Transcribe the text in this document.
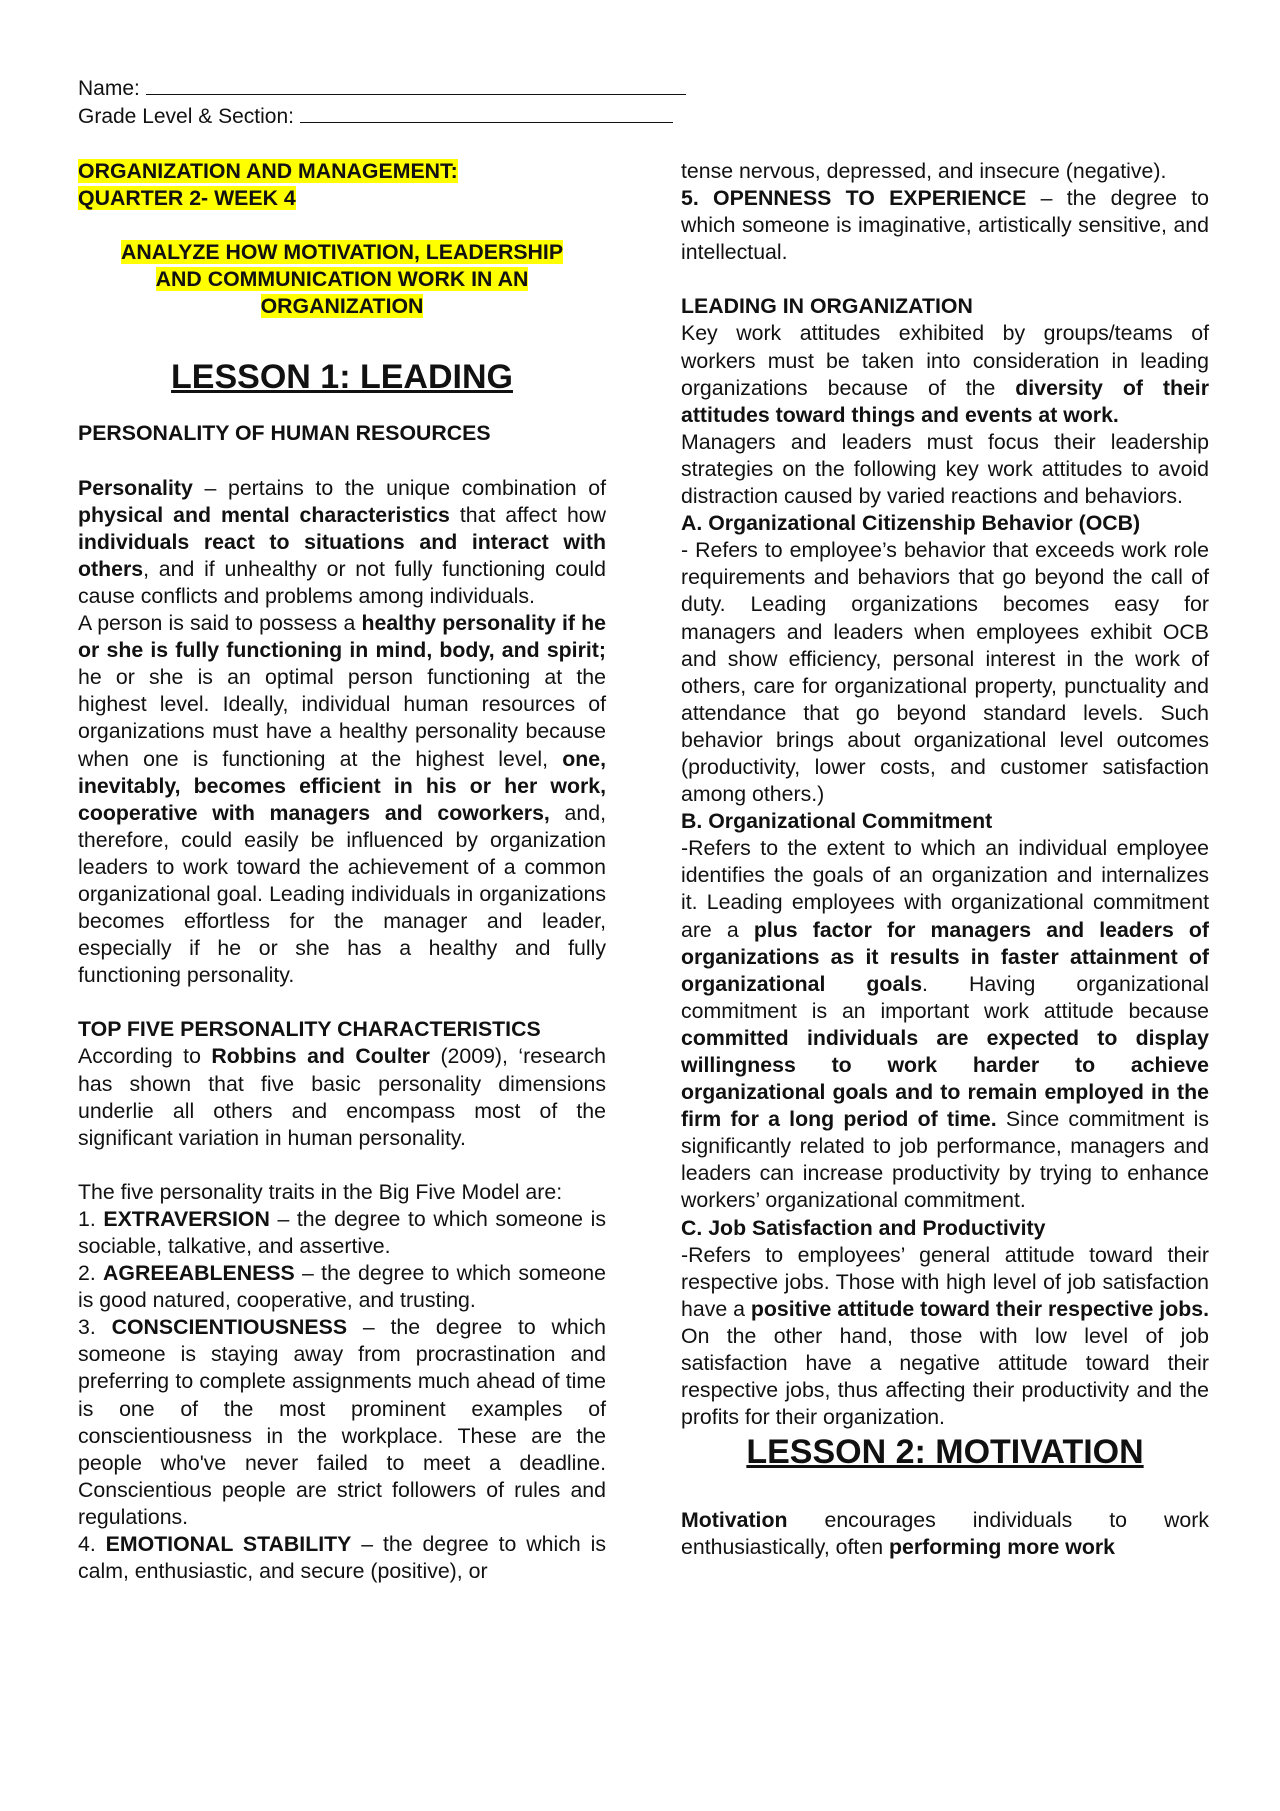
Name:
Grade Level & Section:

ORGANIZATION AND MANAGEMENT:
QUARTER 2- WEEK 4

ANALYZE HOW MOTIVATION, LEADERSHIP
AND COMMUNICATION WORK IN AN
ORGANIZATION

LESSON 1: LEADING

PERSONALITY OF HUMAN RESOURCES

Personality – pertains to the unique combination of physical and mental characteristics that affect how individuals react to situations and interact with others, and if unhealthy or not fully functioning could cause conflicts and problems among individuals.

A person is said to possess a healthy personality if he or she is fully functioning in mind, body, and spirit; he or she is an optimal person functioning at the highest level. Ideally, individual human resources of organizations must have a healthy personality because when one is functioning at the highest level, one, inevitably, becomes efficient in his or her work, cooperative with managers and coworkers, and, therefore, could easily be influenced by organization leaders to work toward the achievement of a common organizational goal. Leading individuals in organizations becomes effortless for the manager and leader, especially if he or she has a healthy and fully functioning personality.

TOP FIVE PERSONALITY CHARACTERISTICS

According to Robbins and Coulter (2009), ‘research has shown that five basic personality dimensions underlie all others and encompass most of the significant variation in human personality.

The five personality traits in the Big Five Model are:

1. EXTRAVERSION – the degree to which someone is sociable, talkative, and assertive.

2. AGREEABLENESS – the degree to which someone is good natured, cooperative, and trusting.

3. CONSCIENTIOUSNESS – the degree to which someone is staying away from procrastination and preferring to complete assignments much ahead of time is one of the most prominent examples of conscientiousness in the workplace. These are the people who've never failed to meet a deadline. Conscientious people are strict followers of rules and regulations.

4. EMOTIONAL STABILITY – the degree to which is calm, enthusiastic, and secure (positive), or

tense nervous, depressed, and insecure (negative).

5. OPENNESS TO EXPERIENCE – the degree to which someone is imaginative, artistically sensitive, and intellectual.

LEADING IN ORGANIZATION

Key work attitudes exhibited by groups/teams of workers must be taken into consideration in leading organizations because of the diversity of their attitudes toward things and events at work.

Managers and leaders must focus their leadership strategies on the following key work attitudes to avoid distraction caused by varied reactions and behaviors.

A. Organizational Citizenship Behavior (OCB)

- Refers to employee’s behavior that exceeds work role requirements and behaviors that go beyond the call of duty. Leading organizations becomes easy for managers and leaders when employees exhibit OCB and show efficiency, personal interest in the work of others, care for organizational property, punctuality and attendance that go beyond standard levels. Such behavior brings about organizational level outcomes (productivity, lower costs, and customer satisfaction among others.)

B. Organizational Commitment

-Refers to the extent to which an individual employee identifies the goals of an organization and internalizes it. Leading employees with organizational commitment are a plus factor for managers and leaders of organizations as it results in faster attainment of organizational goals. Having organizational commitment is an important work attitude because committed individuals are expected to display willingness to work harder to achieve organizational goals and to remain employed in the firm for a long period of time. Since commitment is significantly related to job performance, managers and leaders can increase productivity by trying to enhance workers’ organizational commitment.

C. Job Satisfaction and Productivity

-Refers to employees’ general attitude toward their respective jobs. Those with high level of job satisfaction have a positive attitude toward their respective jobs. On the other hand, those with low level of job satisfaction have a negative attitude toward their respective jobs, thus affecting their productivity and the profits for their organization.

LESSON 2: MOTIVATION

Motivation encourages individuals to work enthusiastically, often performing more work
